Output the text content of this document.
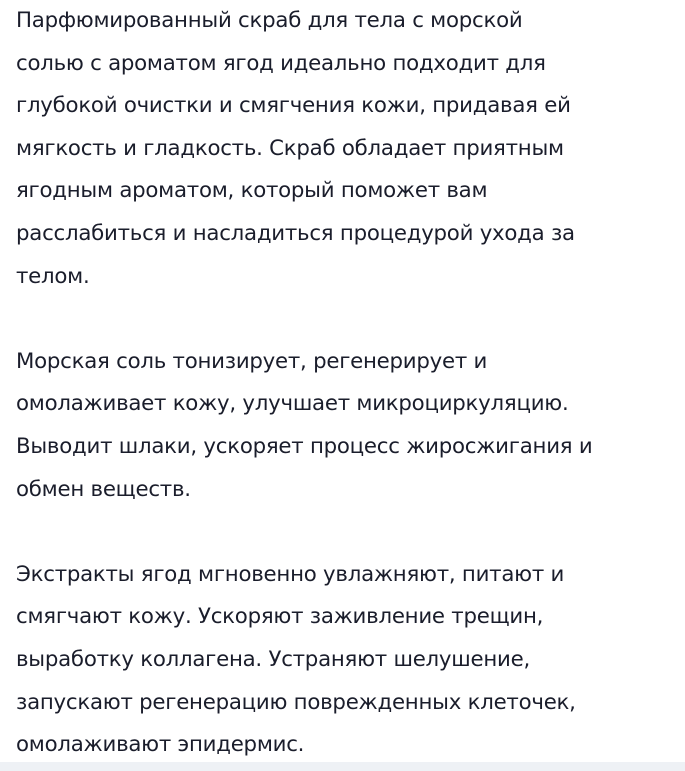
Парфюмированный скраб для тела с морской
солью с ароматом ягод идеально подходит для
глубокой очистки и смягчения кожи, придавая ей
мягкость и гладкость. Скраб обладает приятным
ягодным ароматом, который поможет вам
расслабиться и насладиться процедурой ухода за
телом.

Морская соль тонизирует, регенерирует и
омолаживает кожу, улучшает микроциркуляцию.
Выводит шлаки, ускоряет процесс жиросжигания и
обмен веществ.

Экстракты ягод мгновенно увлажняют, питают и
смягчают кожу. Ускоряют заживление трещин,
выработку коллагена. Устраняют шелушение,
запускают регенерацию поврежденных клеточек,
омолаживают эпидермис.
